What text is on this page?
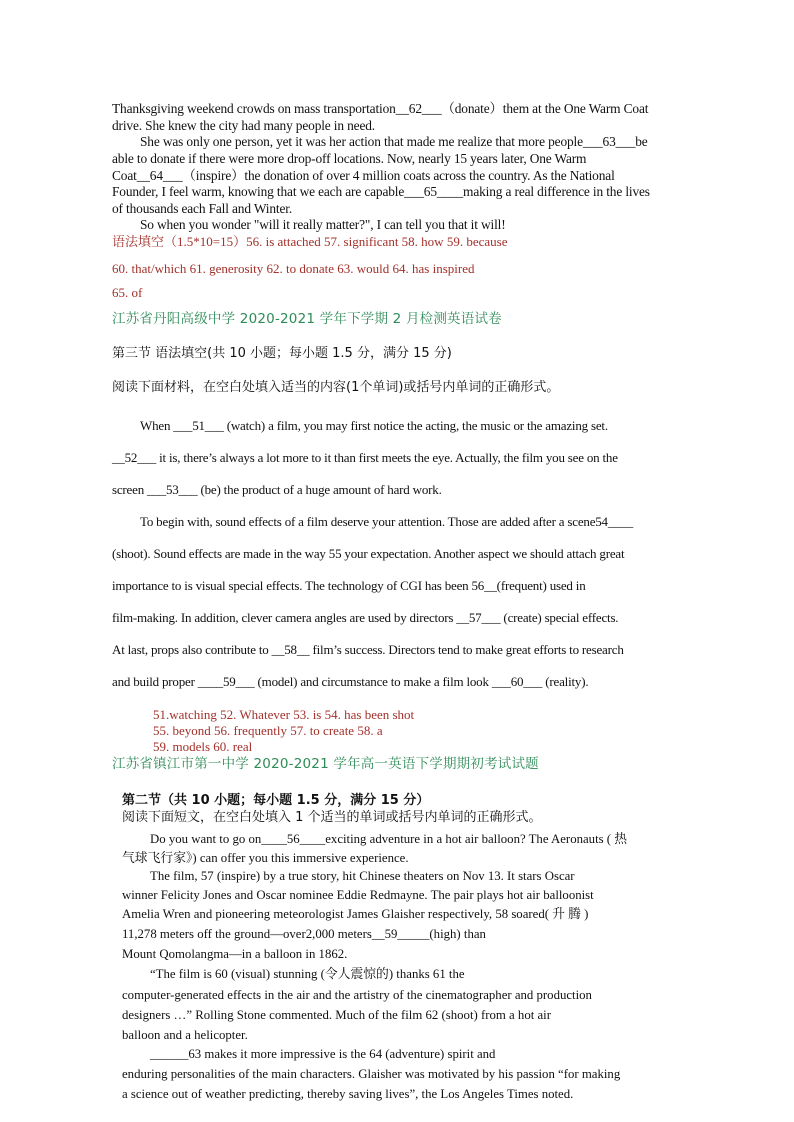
Thanksgiving weekend crowds on mass transportation__62___（donate）them at the One Warm Coat
drive. She knew the city had many people in need.
She was only one person, yet it was her action that made me realize that more people___63___be
able to donate if there were more drop-off locations. Now, nearly 15 years later, One Warm
Coat__64___（inspire）the donation of over 4 million coats across the country. As the National
Founder, I feel warm, knowing that we each are capable___65____making a real difference in the lives
of thousands each Fall and Winter.
So when you wonder "will it really matter?", I can tell you that it will!
语法填空（1.5*10=15）56. is attached 57. significant 58. how 59. because
60. that/which 61. generosity 62. to donate 63. would 64. has inspired
65. of
江苏省丹阳高级中学 2020-2021 学年下学期 2 月检测英语试卷
第三节 语法填空(共 10 小题；每小题 1.5 分，满分 15 分)
阅读下面材料，在空白处填入适当的内容(1个单词)或括号内单词的正确形式。
When ___51___ (watch) a film, you may first notice the acting, the music or the amazing set.
__52___ it is, there’s always a lot more to it than first meets the eye. Actually, the film you see on the
screen ___53___ (be) the product of a huge amount of hard work.
To begin with, sound effects of a film deserve your attention. Those are added after a scene54____
(shoot). Sound effects are made in the way 55 your expectation. Another aspect we should attach great
importance to is visual special effects. The technology of CGI has been 56__(frequent) used in
film-making. In addition, clever camera angles are used by directors __57___ (create) special effects.
At last, props also contribute to __58__ film’s success. Directors tend to make great efforts to research
and build proper ____59___ (model) and circumstance to make a film look ___60___ (reality).
51.watching 52. Whatever 53. is 54. has been shot
55. beyond 56. frequently 57. to create 58. a
59. models 60. real
江苏省镇江市第一中学 2020-2021 学年高一英语下学期期初考试试题
第二节（共 10 小题；每小题 1.5 分，满分 15 分）
阅读下面短文，在空白处填入 1 个适当的单词或括号内单词的正确形式。
Do you want to go on____56____exciting adventure in a hot air balloon? The Aeronauts ( 热
气球飞行家》) can offer you this immersive experience.
The film, 57 (inspire) by a true story, hit Chinese theaters on Nov 13. It stars Oscar
winner Felicity Jones and Oscar nominee Eddie Redmayne. The pair plays hot air balloonist
Amelia Wren and pioneering meteorologist James Glaisher respectively, 58 soared( 升 腾 )
11,278 meters off the ground—over2,000 meters__59_____(high) than
Mount Qomolangma—in a balloon in 1862.
“The film is 60 (visual) stunning (令人震惊的) thanks 61 the
computer-generated effects in the air and the artistry of the cinematographer and production
designers …” Rolling Stone commented. Much of the film 62 (shoot) from a hot air
balloon and a helicopter.
______63 makes it more impressive is the 64 (adventure) spirit and
enduring personalities of the main characters. Glaisher was motivated by his passion “for making
a science out of weather predicting, thereby saving lives”, the Los Angeles Times noted.
